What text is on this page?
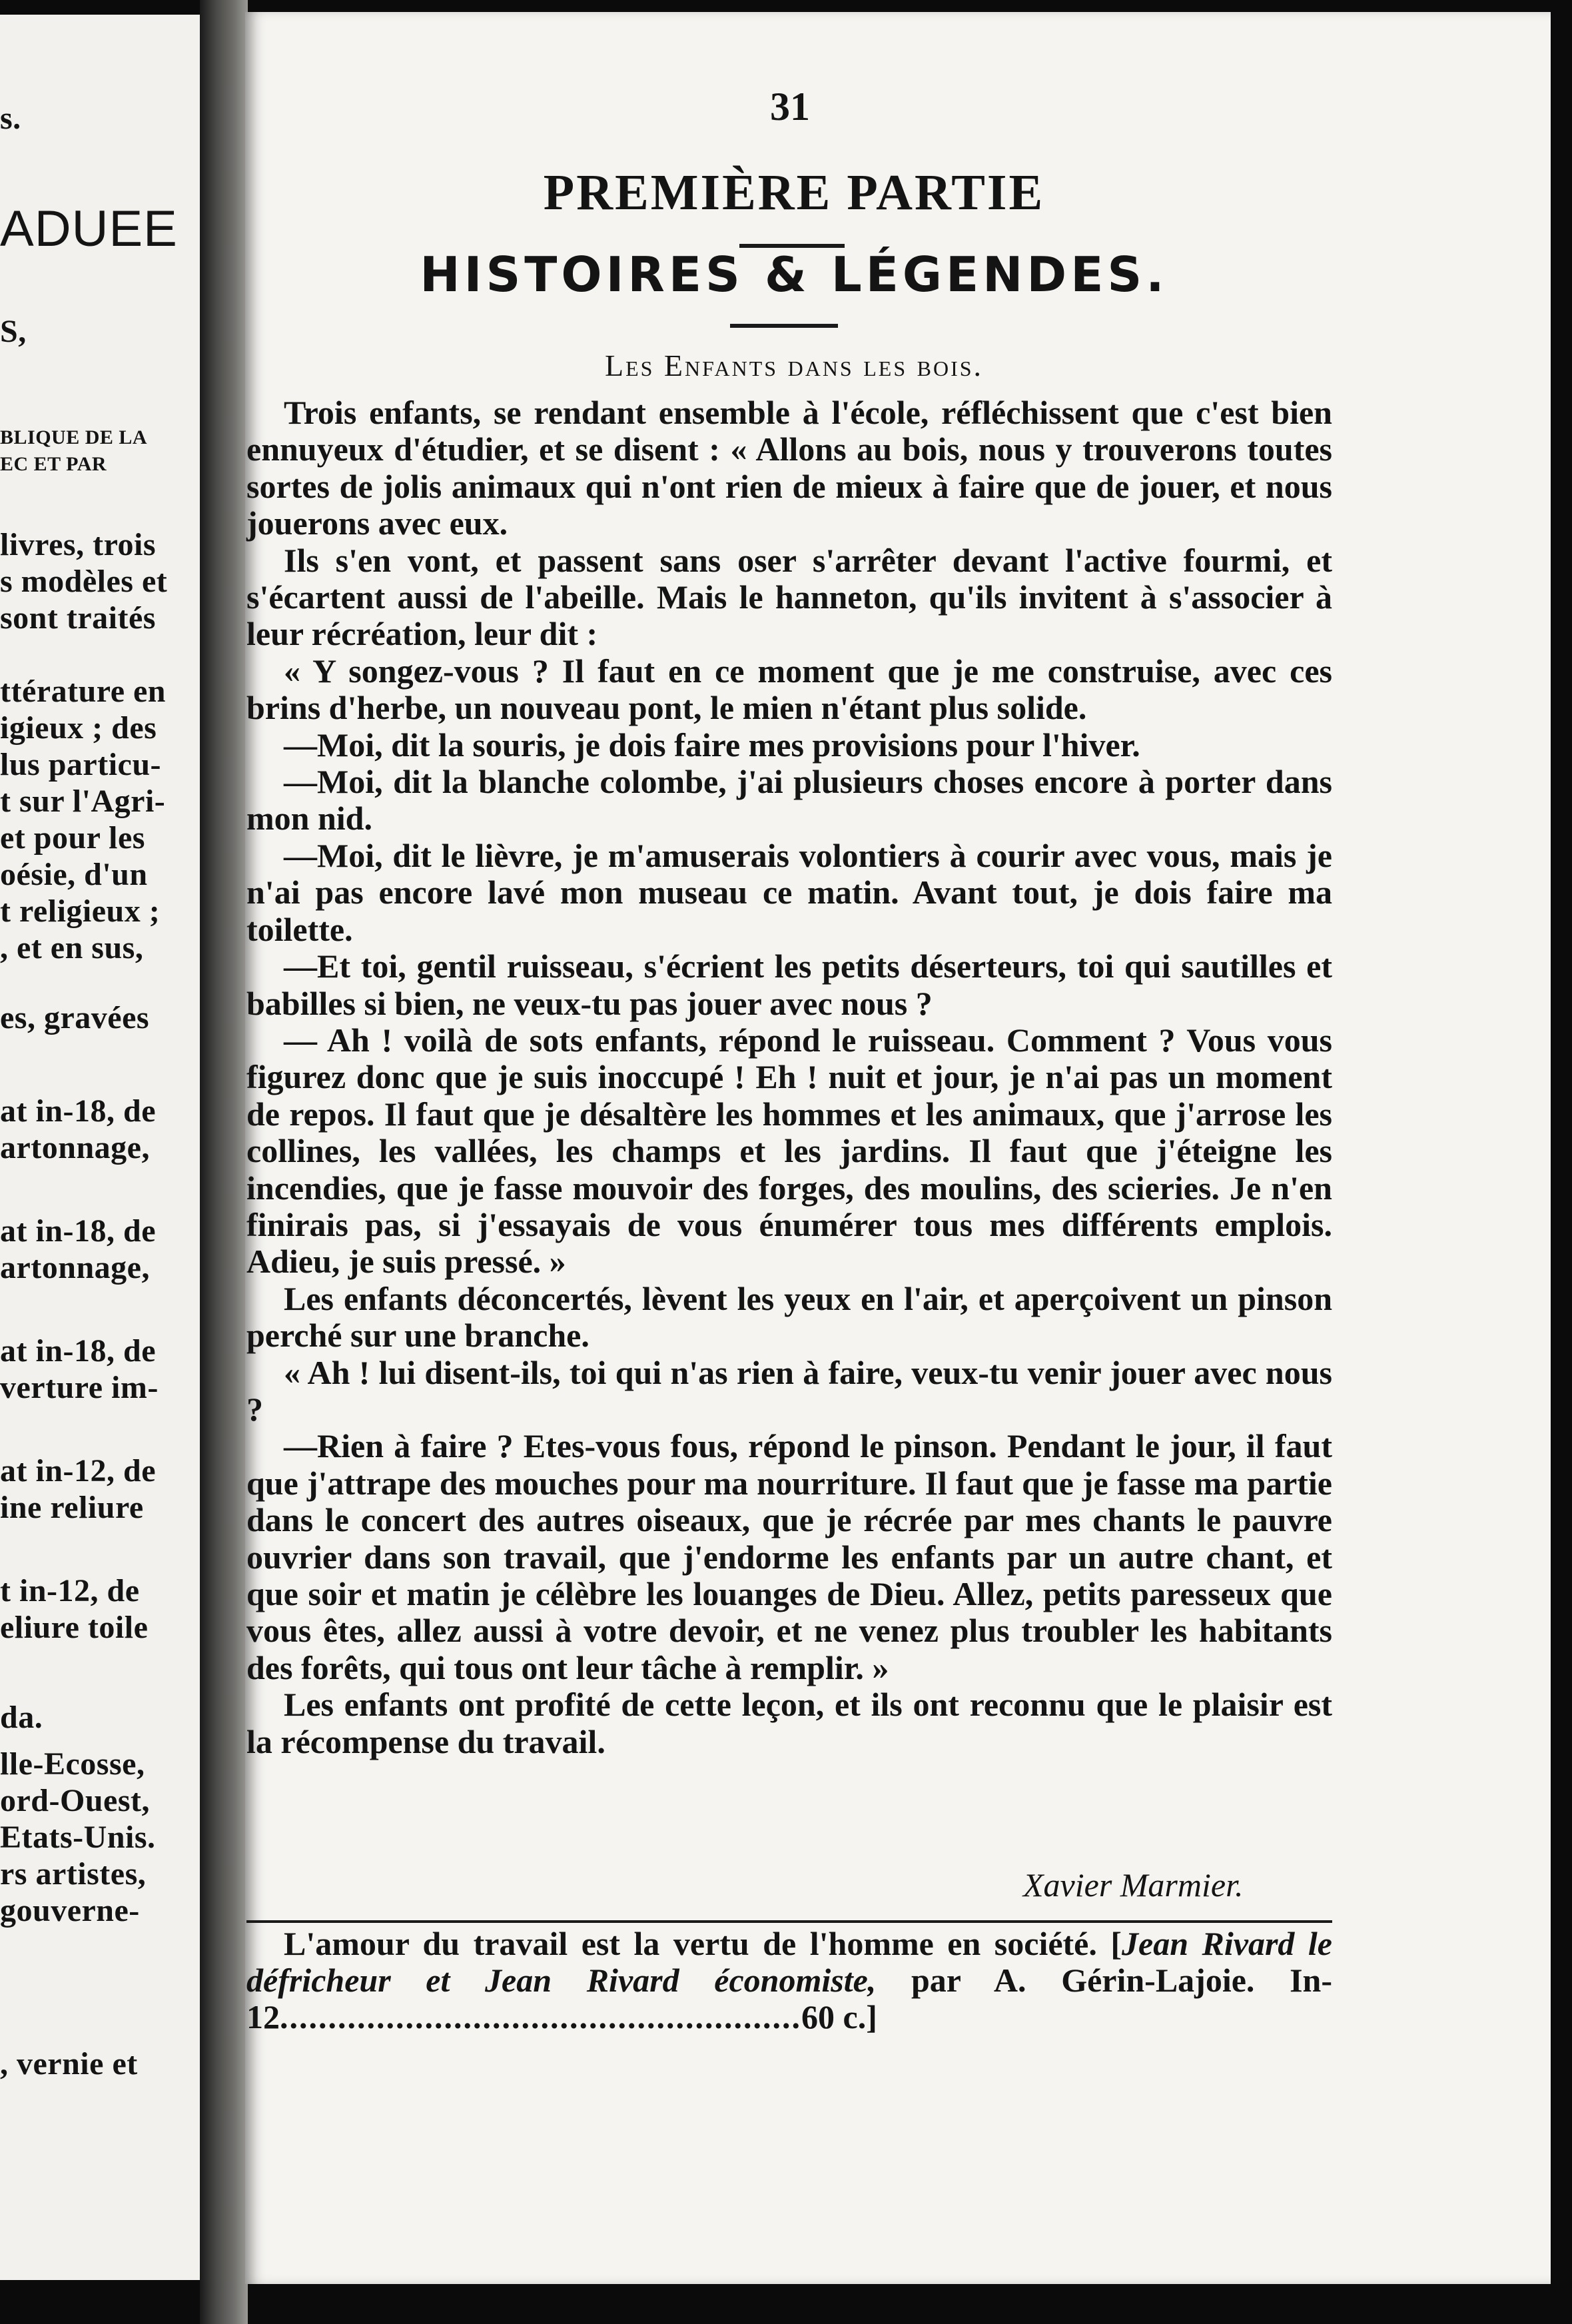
s.
ADUEE
S,
BLIQUE DE LA
EC ET PAR
livres, trois
s modèles et
sont traités
ttérature en
igieux ; des
lus particu-
t sur l'Agri-
et pour les
oésie, d'un
t religieux ;
, et en sus,
es, gravées
at in-18, de
artonnage,
at in-18, de
artonnage,
at in-18, de
verture im-
at in-12, de
ine reliure
t in-12, de
eliure toile
da.
lle-Ecosse,
ord-Ouest,
Etats-Unis.
rs artistes,
gouverne-
, vernie et
31
PREMIÈRE PARTIE
HISTOIRES & LÉGENDES.
Les Enfants dans les bois.

Trois enfants, se rendant ensemble à l'école, réfléchissent que c'est bien ennuyeux d'étudier, et se disent : « Allons au bois, nous y trouverons toutes sortes de jolis animaux qui n'ont rien de mieux à faire que de jouer, et nous jouerons avec eux.

Ils s'en vont, et passent sans oser s'arrêter devant l'active fourmi, et s'écartent aussi de l'abeille. Mais le hanneton, qu'ils invitent à s'associer à leur récréation, leur dit :

« Y songez-vous ? Il faut en ce moment que je me construise, avec ces brins d'herbe, un nouveau pont, le mien n'étant plus solide.

—Moi, dit la souris, je dois faire mes provisions pour l'hiver.

—Moi, dit la blanche colombe, j'ai plusieurs choses encore à porter dans mon nid.

—Moi, dit le lièvre, je m'amuserais volontiers à courir avec vous, mais je n'ai pas encore lavé mon museau ce matin. Avant tout, je dois faire ma toilette.

—Et toi, gentil ruisseau, s'écrient les petits déserteurs, toi qui sautilles et babilles si bien, ne veux-tu pas jouer avec nous ?

— Ah ! voilà de sots enfants, répond le ruisseau. Comment ? Vous vous figurez donc que je suis inoccupé ! Eh ! nuit et jour, je n'ai pas un moment de repos. Il faut que je désaltère les hommes et les animaux, que j'arrose les collines, les vallées, les champs et les jardins. Il faut que j'éteigne les incendies, que je fasse mouvoir des forges, des moulins, des scieries. Je n'en finirais pas, si j'essayais de vous énumérer tous mes différents emplois. Adieu, je suis pressé. »

Les enfants déconcertés, lèvent les yeux en l'air, et aperçoivent un pinson perché sur une branche.

« Ah ! lui disent-ils, toi qui n'as rien à faire, veux-tu venir jouer avec nous ?

—Rien à faire ? Etes-vous fous, répond le pinson. Pendant le jour, il faut que j'attrape des mouches pour ma nourriture. Il faut que je fasse ma partie dans le concert des autres oiseaux, que je récrée par mes chants le pauvre ouvrier dans son travail, que j'endorme les enfants par un autre chant, et que soir et matin je célèbre les louanges de Dieu. Allez, petits paresseux que vous êtes, allez aussi à votre devoir, et ne venez plus troubler les habitants des forêts, qui tous ont leur tâche à remplir. »

Les enfants ont profité de cette leçon, et ils ont reconnu que le plaisir est la récompense du travail.

Xavier Marmier.

L'amour du travail est la vertu de l'homme en société. [Jean Rivard le défricheur et Jean Rivard économiste, par A. Gérin-Lajoie. In-12......................................................60 c.]
